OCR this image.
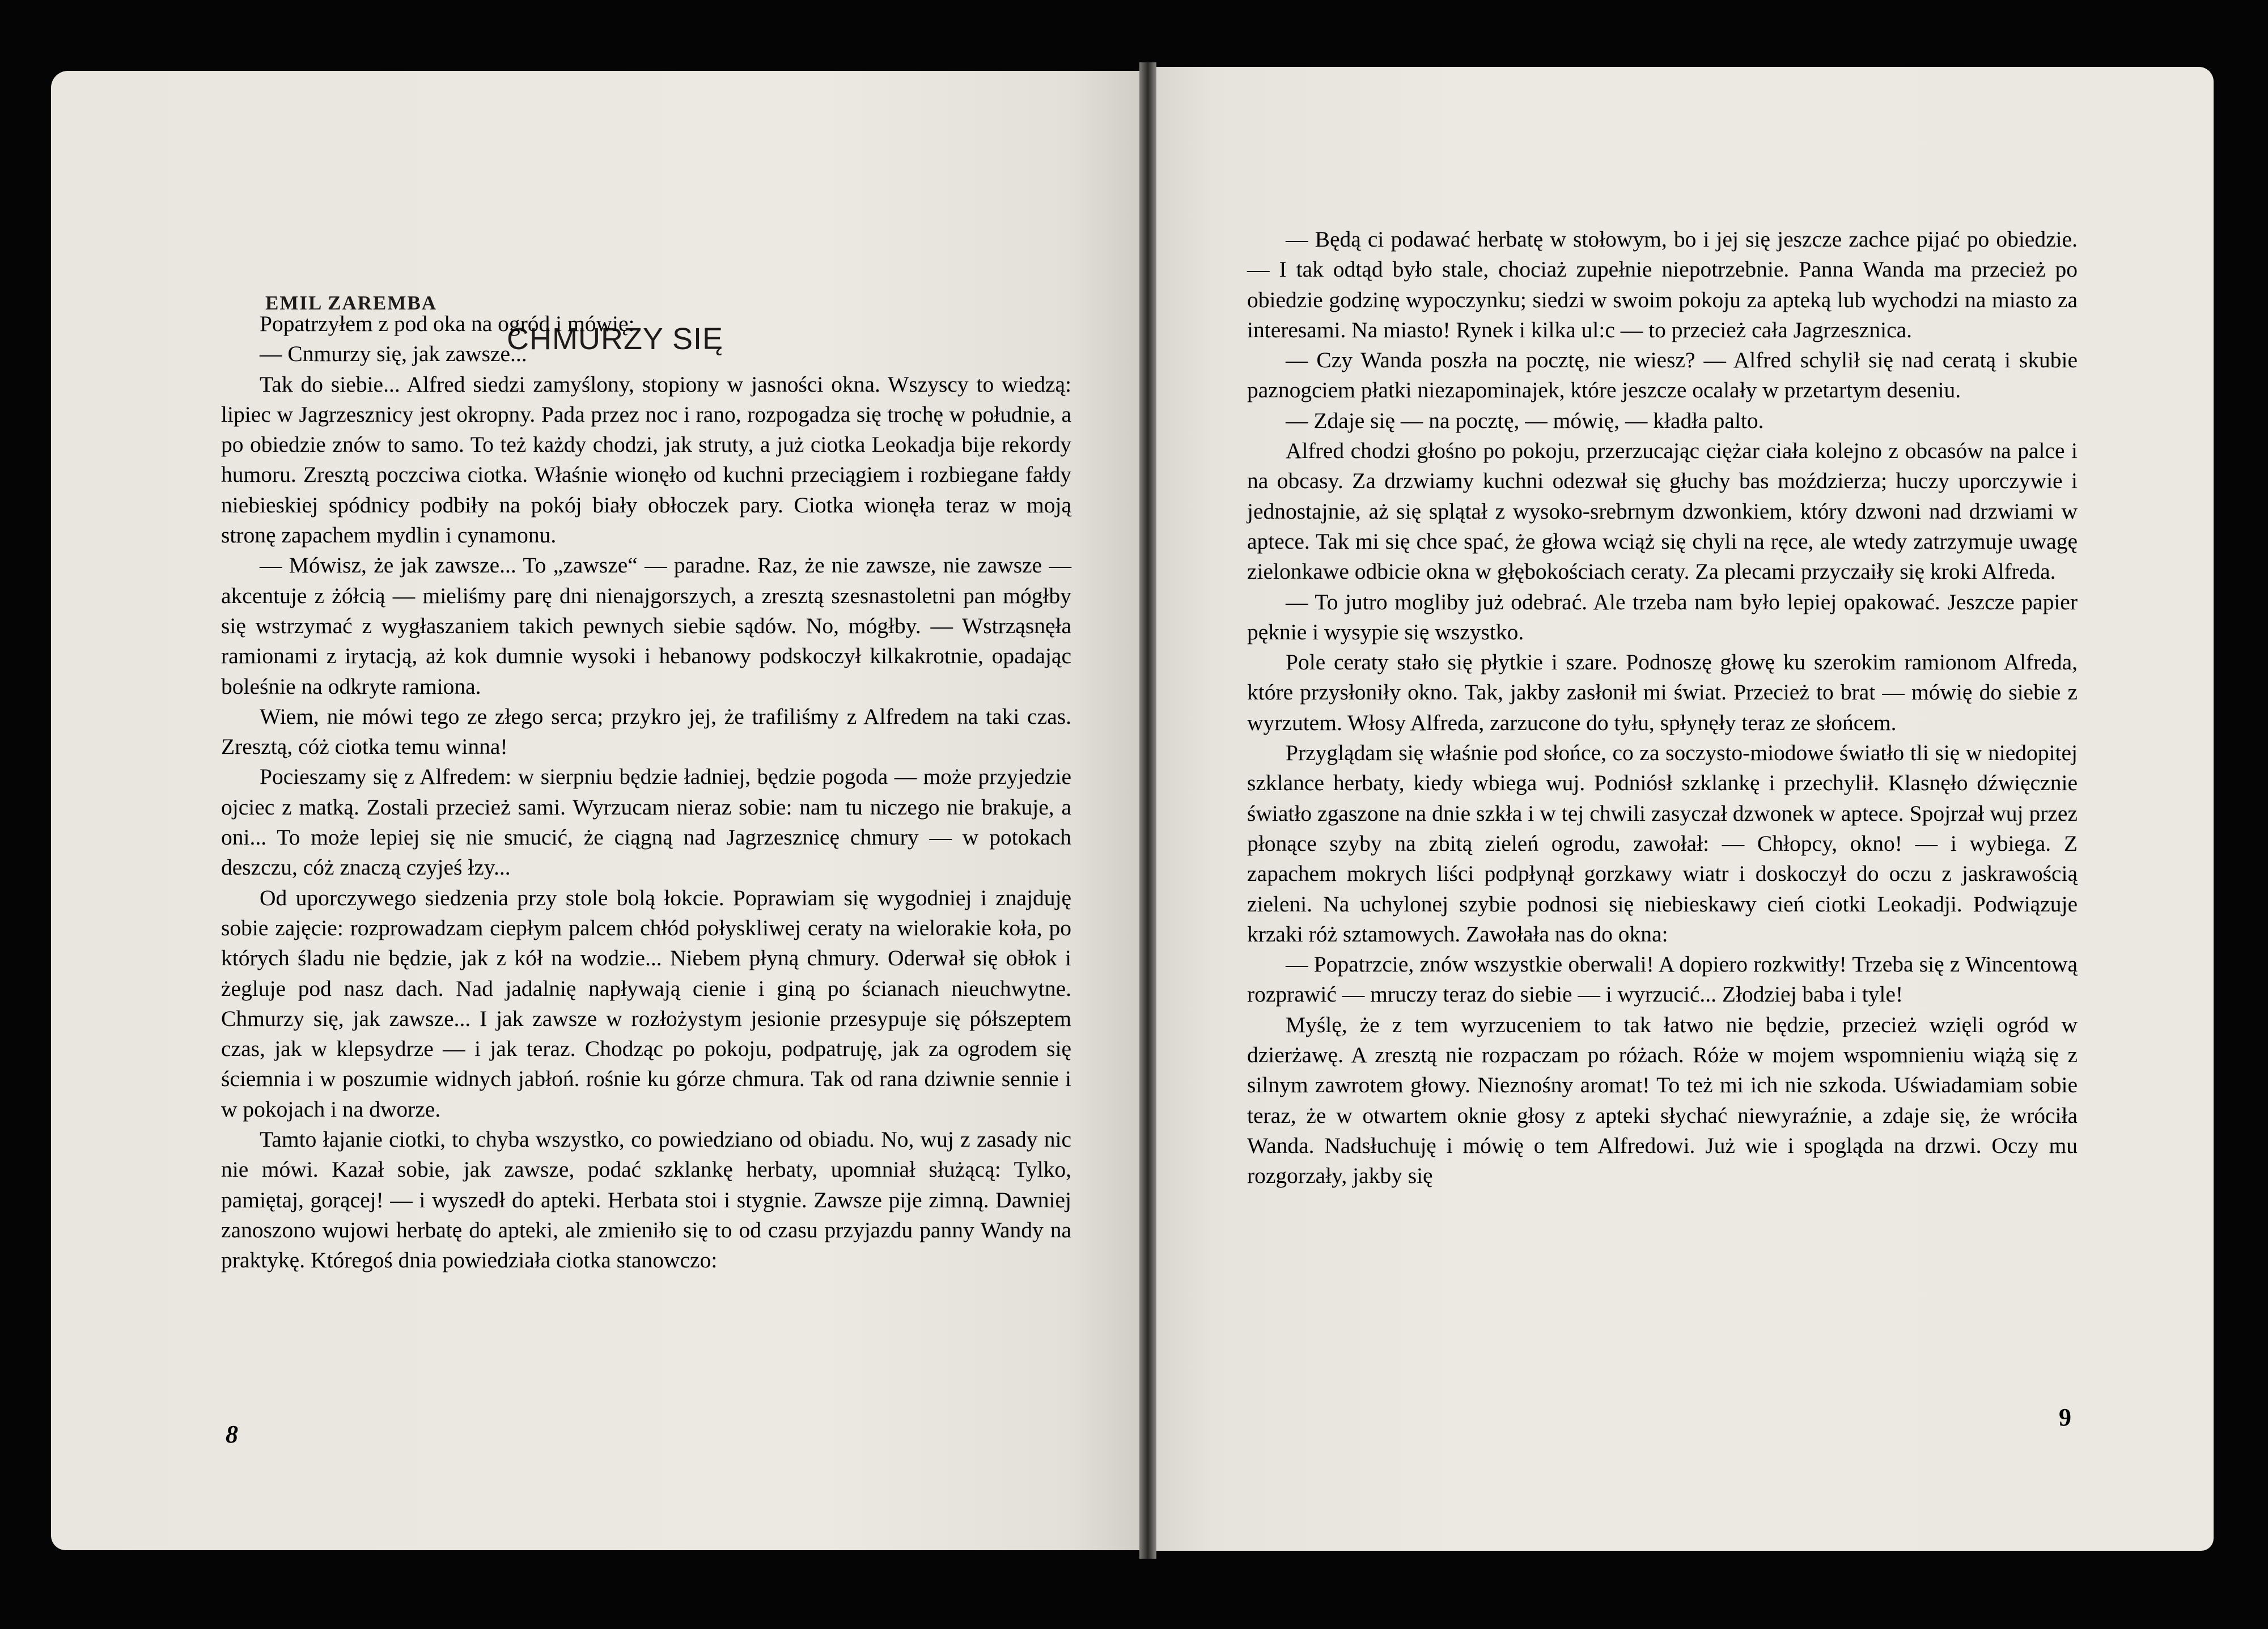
EMIL ZAREMBA
CHMURZY SIĘ

Popatrzyłem z pod oka na ogród i mówię:

— Cnmurzy się, jak zawsze...

Tak do siebie... Alfred siedzi zamyślony, stopiony w jasności okna. Wszyscy to wiedzą: lipiec w Jagrzesznicy jest okropny. Pada przez noc i rano, rozpogadza się trochę w południe, a po obiedzie znów to samo. To też każdy chodzi, jak struty, a już ciotka Leokadja bije rekordy humoru. Zresztą poczciwa ciotka. Właśnie wionęło od kuchni przeciągiem i rozbiegane fałdy niebieskiej spódnicy podbiły na pokój biały obłoczek pary. Ciotka wionęła teraz w moją stronę zapachem mydlin i cynamonu.

— Mówisz, że jak zawsze... To „zawsze“ — paradne. Raz, że nie zawsze, nie zawsze — akcentuje z żółcią — mieliśmy parę dni nienajgorszych, a zresztą szesnastoletni pan mógłby się wstrzymać z wygłaszaniem takich pewnych siebie sądów. No, mógłby. — Wstrząsnęła ramionami z irytacją, aż kok dumnie wysoki i hebanowy podskoczył kilkakrotnie, opadając boleśnie na odkryte ramiona.

Wiem, nie mówi tego ze złego serca; przykro jej, że trafiliśmy z Alfredem na taki czas. Zresztą, cóż ciotka temu winna!

Pocieszamy się z Alfredem: w sierpniu będzie ładniej, będzie pogoda — może przyjedzie ojciec z matką. Zostali przecież sami. Wyrzucam nieraz sobie: nam tu niczego nie brakuje, a oni... To może lepiej się nie smucić, że ciągną nad Jagrzesznicę chmury — w potokach deszczu, cóż znaczą czyjeś łzy...

Od uporczywego siedzenia przy stole bolą łokcie. Poprawiam się wygodniej i znajduję sobie zajęcie: rozprowadzam ciepłym palcem chłód połyskliwej ceraty na wielorakie koła, po których śladu nie będzie, jak z kół na wodzie... Niebem płyną chmury. Oderwał się obłok i żegluje pod nasz dach. Nad jadalnię napływają cienie i giną po ścianach nieuchwytne. Chmurzy się, jak zawsze... I jak zawsze w rozłożystym jesionie przesypuje się półszeptem czas, jak w klepsydrze — i jak teraz. Chodząc po pokoju, podpatruję, jak za ogrodem się ściemnia i w poszumie widnych jabłoń. rośnie ku górze chmura. Tak od rana dziwnie sennie i w pokojach i na dworze.

Tamto łajanie ciotki, to chyba wszystko, co powiedziano od obiadu. No, wuj z zasady nic nie mówi. Kazał sobie, jak zawsze, podać szklankę herbaty, upomniał służącą: Tylko, pamiętaj, gorącej! — i wyszedł do apteki. Herbata stoi i stygnie. Zawsze pije zimną. Dawniej zanoszono wujowi herbatę do apteki, ale zmieniło się to od czasu przyjazdu panny Wandy na praktykę. Któregoś dnia powiedziała ciotka stanowczo:

8

— Będą ci podawać herbatę w stołowym, bo i jej się jeszcze zachce pijać po obiedzie. — I tak odtąd było stale, chociaż zupełnie niepotrzebnie. Panna Wanda ma przecież po obiedzie godzinę wypoczynku; siedzi w swoim pokoju za apteką lub wychodzi na miasto za interesami. Na miasto! Rynek i kilka ul:c — to przecież cała Jagrzesznica.

— Czy Wanda poszła na pocztę, nie wiesz? — Alfred schylił się nad ceratą i skubie paznogciem płatki niezapominajek, które jeszcze ocalały w przetartym deseniu.

— Zdaje się — na pocztę, — mówię, — kładła palto.

Alfred chodzi głośno po pokoju, przerzucając ciężar ciała kolejno z obcasów na palce i na obcasy. Za drzwiamy kuchni odezwał się głuchy bas moździerza; huczy uporczywie i jednostajnie, aż się splątał z wysoko-srebrnym dzwonkiem, który dzwoni nad drzwiami w aptece. Tak mi się chce spać, że głowa wciąż się chyli na ręce, ale wtedy zatrzymuje uwagę zielonkawe odbicie okna w głębokościach ceraty. Za plecami przyczaiły się kroki Alfreda.

— To jutro mogliby już odebrać. Ale trzeba nam było lepiej opakować. Jeszcze papier pęknie i wysypie się wszystko.

Pole ceraty stało się płytkie i szare. Podnoszę głowę ku szerokim ramionom Alfreda, które przysłoniły okno. Tak, jakby zasłonił mi świat. Przecież to brat — mówię do siebie z wyrzutem. Włosy Alfreda, zarzucone do tyłu, spłynęły teraz ze słońcem.

Przyglądam się właśnie pod słońce, co za soczysto-miodowe światło tli się w niedopitej szklance herbaty, kiedy wbiega wuj. Podniósł szklankę i przechylił. Klasnęło dźwięcznie światło zgaszone na dnie szkła i w tej chwili zasyczał dzwonek w aptece. Spojrzał wuj przez płonące szyby na zbitą zieleń ogrodu, zawołał: — Chłopcy, okno! — i wybiega. Z zapachem mokrych liści podpłynął gorzkawy wiatr i doskoczył do oczu z jaskrawością zieleni. Na uchylonej szybie podnosi się niebieskawy cień ciotki Leokadji. Podwiązuje krzaki róż sztamowych. Zawołała nas do okna:

— Popatrzcie, znów wszystkie oberwali! A dopiero rozkwitły! Trzeba się z Wincentową rozprawić — mruczy teraz do siebie — i wyrzucić... Złodziej baba i tyle!

Myślę, że z tem wyrzuceniem to tak łatwo nie będzie, przecież wzięli ogród w dzierżawę. A zresztą nie rozpaczam po różach. Róże w mojem wspomnieniu wiążą się z silnym zawrotem głowy. Nieznośny aromat! To też mi ich nie szkoda. Uświadamiam sobie teraz, że w otwartem oknie głosy z apteki słychać niewyraźnie, a zdaje się, że wróciła Wanda. Nadsłuchuję i mówię o tem Alfredowi. Już wie i spogląda na drzwi. Oczy mu rozgorzały, jakby się

9
